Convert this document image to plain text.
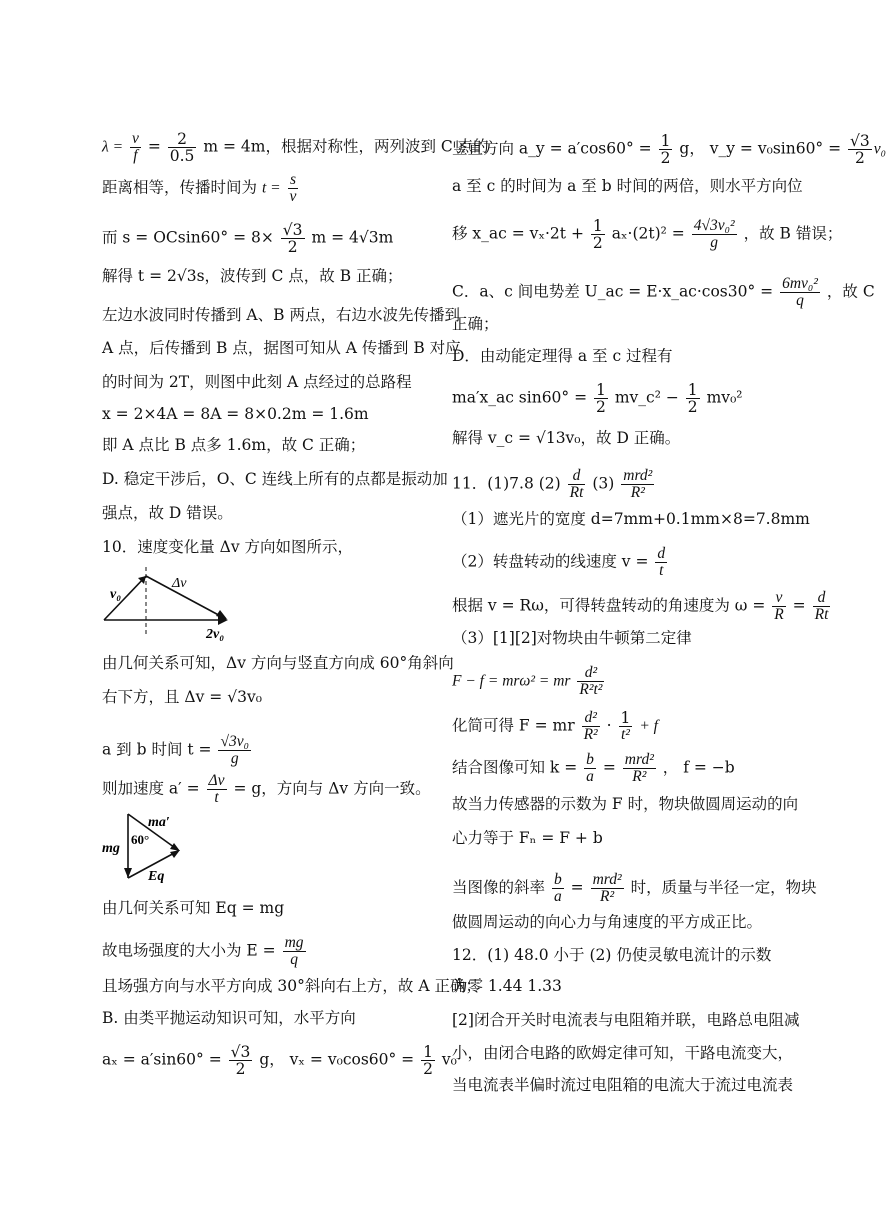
$\lambda = \frac{v}{f} = \frac{2}{0.5}$ m = 4m，根据对称性，两列波到 C 点的
距离相等，传播时间为 $t = \frac{s}{v}$
而 $s = OCsin60^\circ = 8\times \frac{√3}{2}$ m = 4√3m
解得 t = 2√3s，波传到 C 点，故 B 正确；
左边水波同时传播到 A、B 两点，右边水波先传播到
A 点，后传播到 B 点，据图可知从 A 传播到 B 对应
的时间为 2T，则图中此刻 A 点经过的总路程
x = 2×4A = 8A = 8×0.2m = 1.6m
即 A 点比 B 点多 1.6m，故 C 正确；
D. 稳定干涉后，O、C 连线上所有的点都是振动加
强点，故 D 错误。
10．速度变化量 Δv 方向如图所示，
v₀
Δv
2v₀
由几何关系可知，Δv 方向与竖直方向成 60°角斜向
右下方，且 Δv = √3v₀
a 到 b 时间 $t = \frac{\text{√3v₀}}{g}$
则加速度 $a' = \frac{\Delta v}{t} = g$，方向与 Δv 方向一致。
ma′
60°
mg
Eq
由几何关系可知 Eq = mg
故电场强度的大小为 $E = \frac{mg}{q}$
且场强方向与水平方向成 30°斜向右上方，故 A 正确；
B. 由类平抛运动知识可知，水平方向
$a_x = a'\sin 60^\circ = \frac{√3}{2}$ g， $v_x = v_0\cos 60^\circ = \frac{1}{2} v_0$
竖直方向 a_y = $a'\cos 60^\circ = \frac{1}{2}$ g， v_y = $v_0\sin 60^\circ = \frac{√3}{2} v_0$
a 至 c 的时间为 a 至 b 时间的两倍，则水平方向位
移 x_ac = $v_x\cdot 2t + \frac{1}{2} a_x\cdot(2t)^2 = \frac{\text{4√3v₀²}}{g}$ ，故 B 错误；
C．a、c 间电势差 U_ac = E·x_ac·cos30° = $\frac{\text{6mv₀²}}{q}$ ，故 C
正确；
D．由动能定理得 a 至 c 过程有
ma′x_ac $\sin 60^\circ = \frac{1}{2}$ mv_c² − $\frac{1}{2} mv_0^2$
解得 v_c = √13v₀，故 D 正确。
11．(1)7.8 $(2) \frac{d}{Rt} (3) \frac{\text{mrd²}}{\text{R²}}$
（1）遮光片的宽度 d=7mm+0.1mm×8=7.8mm
（2）转盘转动的线速度 $v = \frac{d}{t}$
根据 v = Rω，可得转盘转动的角速度为 $\omega = \frac{v}{R} = \frac{d}{Rt}$
（3）[1][2]对物块由牛顿第二定律
F − f = mrω² = mr $\frac{\text{d²}}{\text{R²t²}}$
化简可得 F = mr $\frac{\text{d²}}{\text{R²}} \cdot \frac{1}{\text{t²}} + f$
结合图像可知 $k = \frac{b}{a} = \frac{\text{mrd²}}{\text{R²}}$ ， f = −b
故当力传感器的示数为 F 时，物块做圆周运动的向
心力等于 Fₙ = F + b
当图像的斜率 $\frac{b}{a} = \frac{\text{mrd²}}{\text{R²}}$ 时，质量与半径一定，物块
做圆周运动的向心力与角速度的平方成正比。
12．(1) 48.0 小于 (2) 仍使灵敏电流计的示数
为零 1.44 1.33
[2]闭合开关时电流表与电阻箱并联，电路总电阻减
小，由闭合电路的欧姆定律可知，干路电流变大，
当电流表半偏时流过电阻箱的电流大于流过电流表
